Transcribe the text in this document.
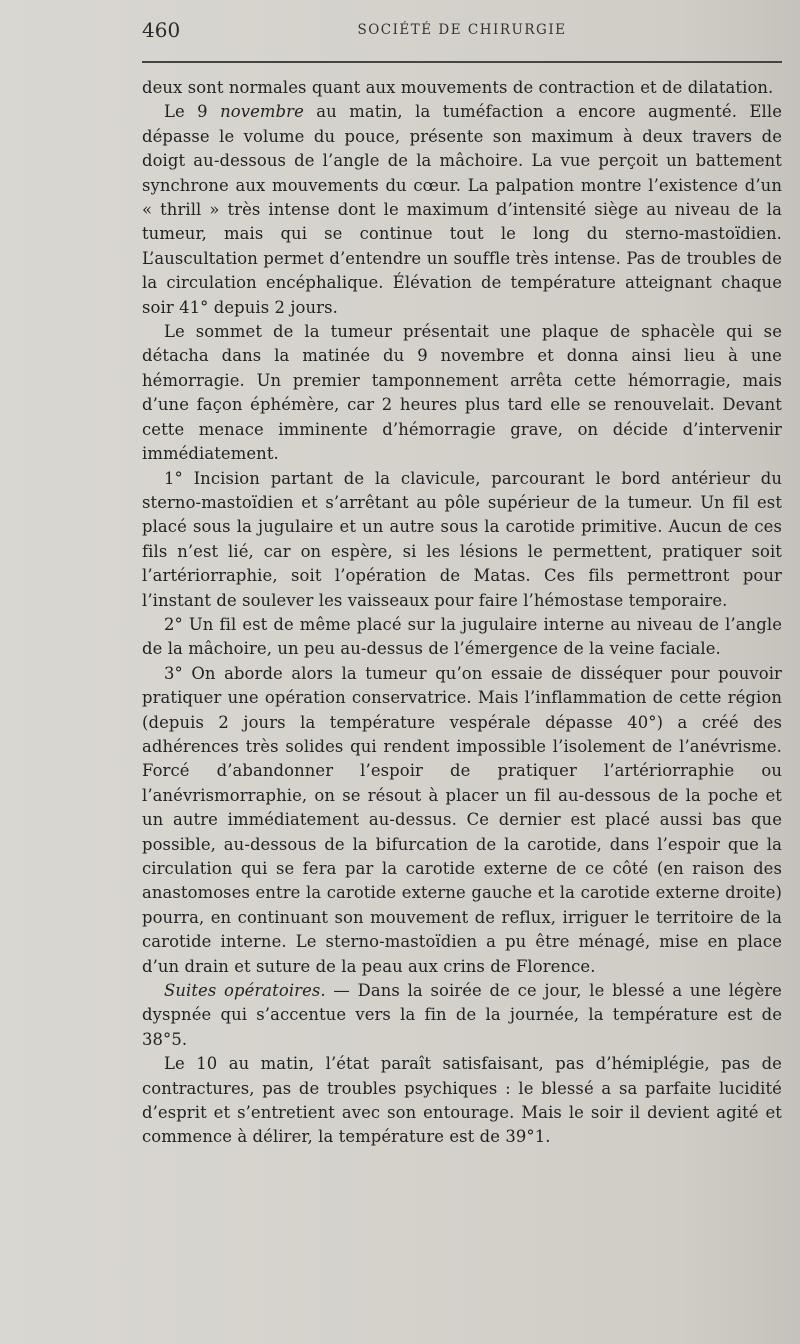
460	SOCIÉTÉ DE CHIRURGIE

deux sont normales quant aux mouvements de contraction et de dilatation.

Le 9 novembre au matin, la tuméfaction a encore augmenté. Elle dépasse le volume du pouce, présente son maximum à deux travers de doigt au-dessous de l’angle de la mâchoire. La vue perçoit un battement synchrone aux mouvements du cœur. La palpation montre l’existence d’un « thrill » très intense dont le maximum d’intensité siège au niveau de la tumeur, mais qui se continue tout le long du sterno-mastoïdien. L’auscultation permet d’entendre un souffle très intense. Pas de troubles de la circulation encéphalique. Élévation de température atteignant chaque soir 41° depuis 2 jours.

Le sommet de la tumeur présentait une plaque de sphacèle qui se détacha dans la matinée du 9 novembre et donna ainsi lieu à une hémorragie. Un premier tamponnement arrêta cette hémorragie, mais d’une façon éphémère, car 2 heures plus tard elle se renouvelait. Devant cette menace imminente d’hémorragie grave, on décide d’intervenir immédiatement.

1° Incision partant de la clavicule, parcourant le bord antérieur du sterno-mastoïdien et s’arrêtant au pôle supérieur de la tumeur. Un fil est placé sous la jugulaire et un autre sous la carotide primitive. Aucun de ces fils n’est lié, car on espère, si les lésions le permettent, pratiquer soit l’artériorraphie, soit l’opération de Matas. Ces fils permettront pour l’instant de soulever les vaisseaux pour faire l’hémostase temporaire.

2° Un fil est de même placé sur la jugulaire interne au niveau de l’angle de la mâchoire, un peu au-dessus de l’émergence de la veine faciale.

3° On aborde alors la tumeur qu’on essaie de disséquer pour pouvoir pratiquer une opération conservatrice. Mais l’inflammation de cette région (depuis 2 jours la température vespérale dépasse 40°) a créé des adhérences très solides qui rendent impossible l’isolement de l’anévrisme. Forcé d’abandonner l’espoir de pratiquer l’artériorraphie ou l’anévrismorraphie, on se résout à placer un fil au-dessous de la poche et un autre immédiatement au-dessus. Ce dernier est placé aussi bas que possible, au-dessous de la bifurcation de la carotide, dans l’espoir que la circulation qui se fera par la carotide externe de ce côté (en raison des anastomoses entre la carotide externe gauche et la carotide externe droite) pourra, en continuant son mouvement de reflux, irriguer le territoire de la carotide interne. Le sterno-mastoïdien a pu être ménagé, mise en place d’un drain et suture de la peau aux crins de Florence.

Suites opératoires. — Dans la soirée de ce jour, le blessé a une légère dyspnée qui s’accentue vers la fin de la journée, la température est de 38°5.

Le 10 au matin, l’état paraît satisfaisant, pas d’hémiplégie, pas de contractures, pas de troubles psychiques : le blessé a sa parfaite lucidité d’esprit et s’entretient avec son entourage. Mais le soir il devient agité et commence à délirer, la température est de 39°1.
